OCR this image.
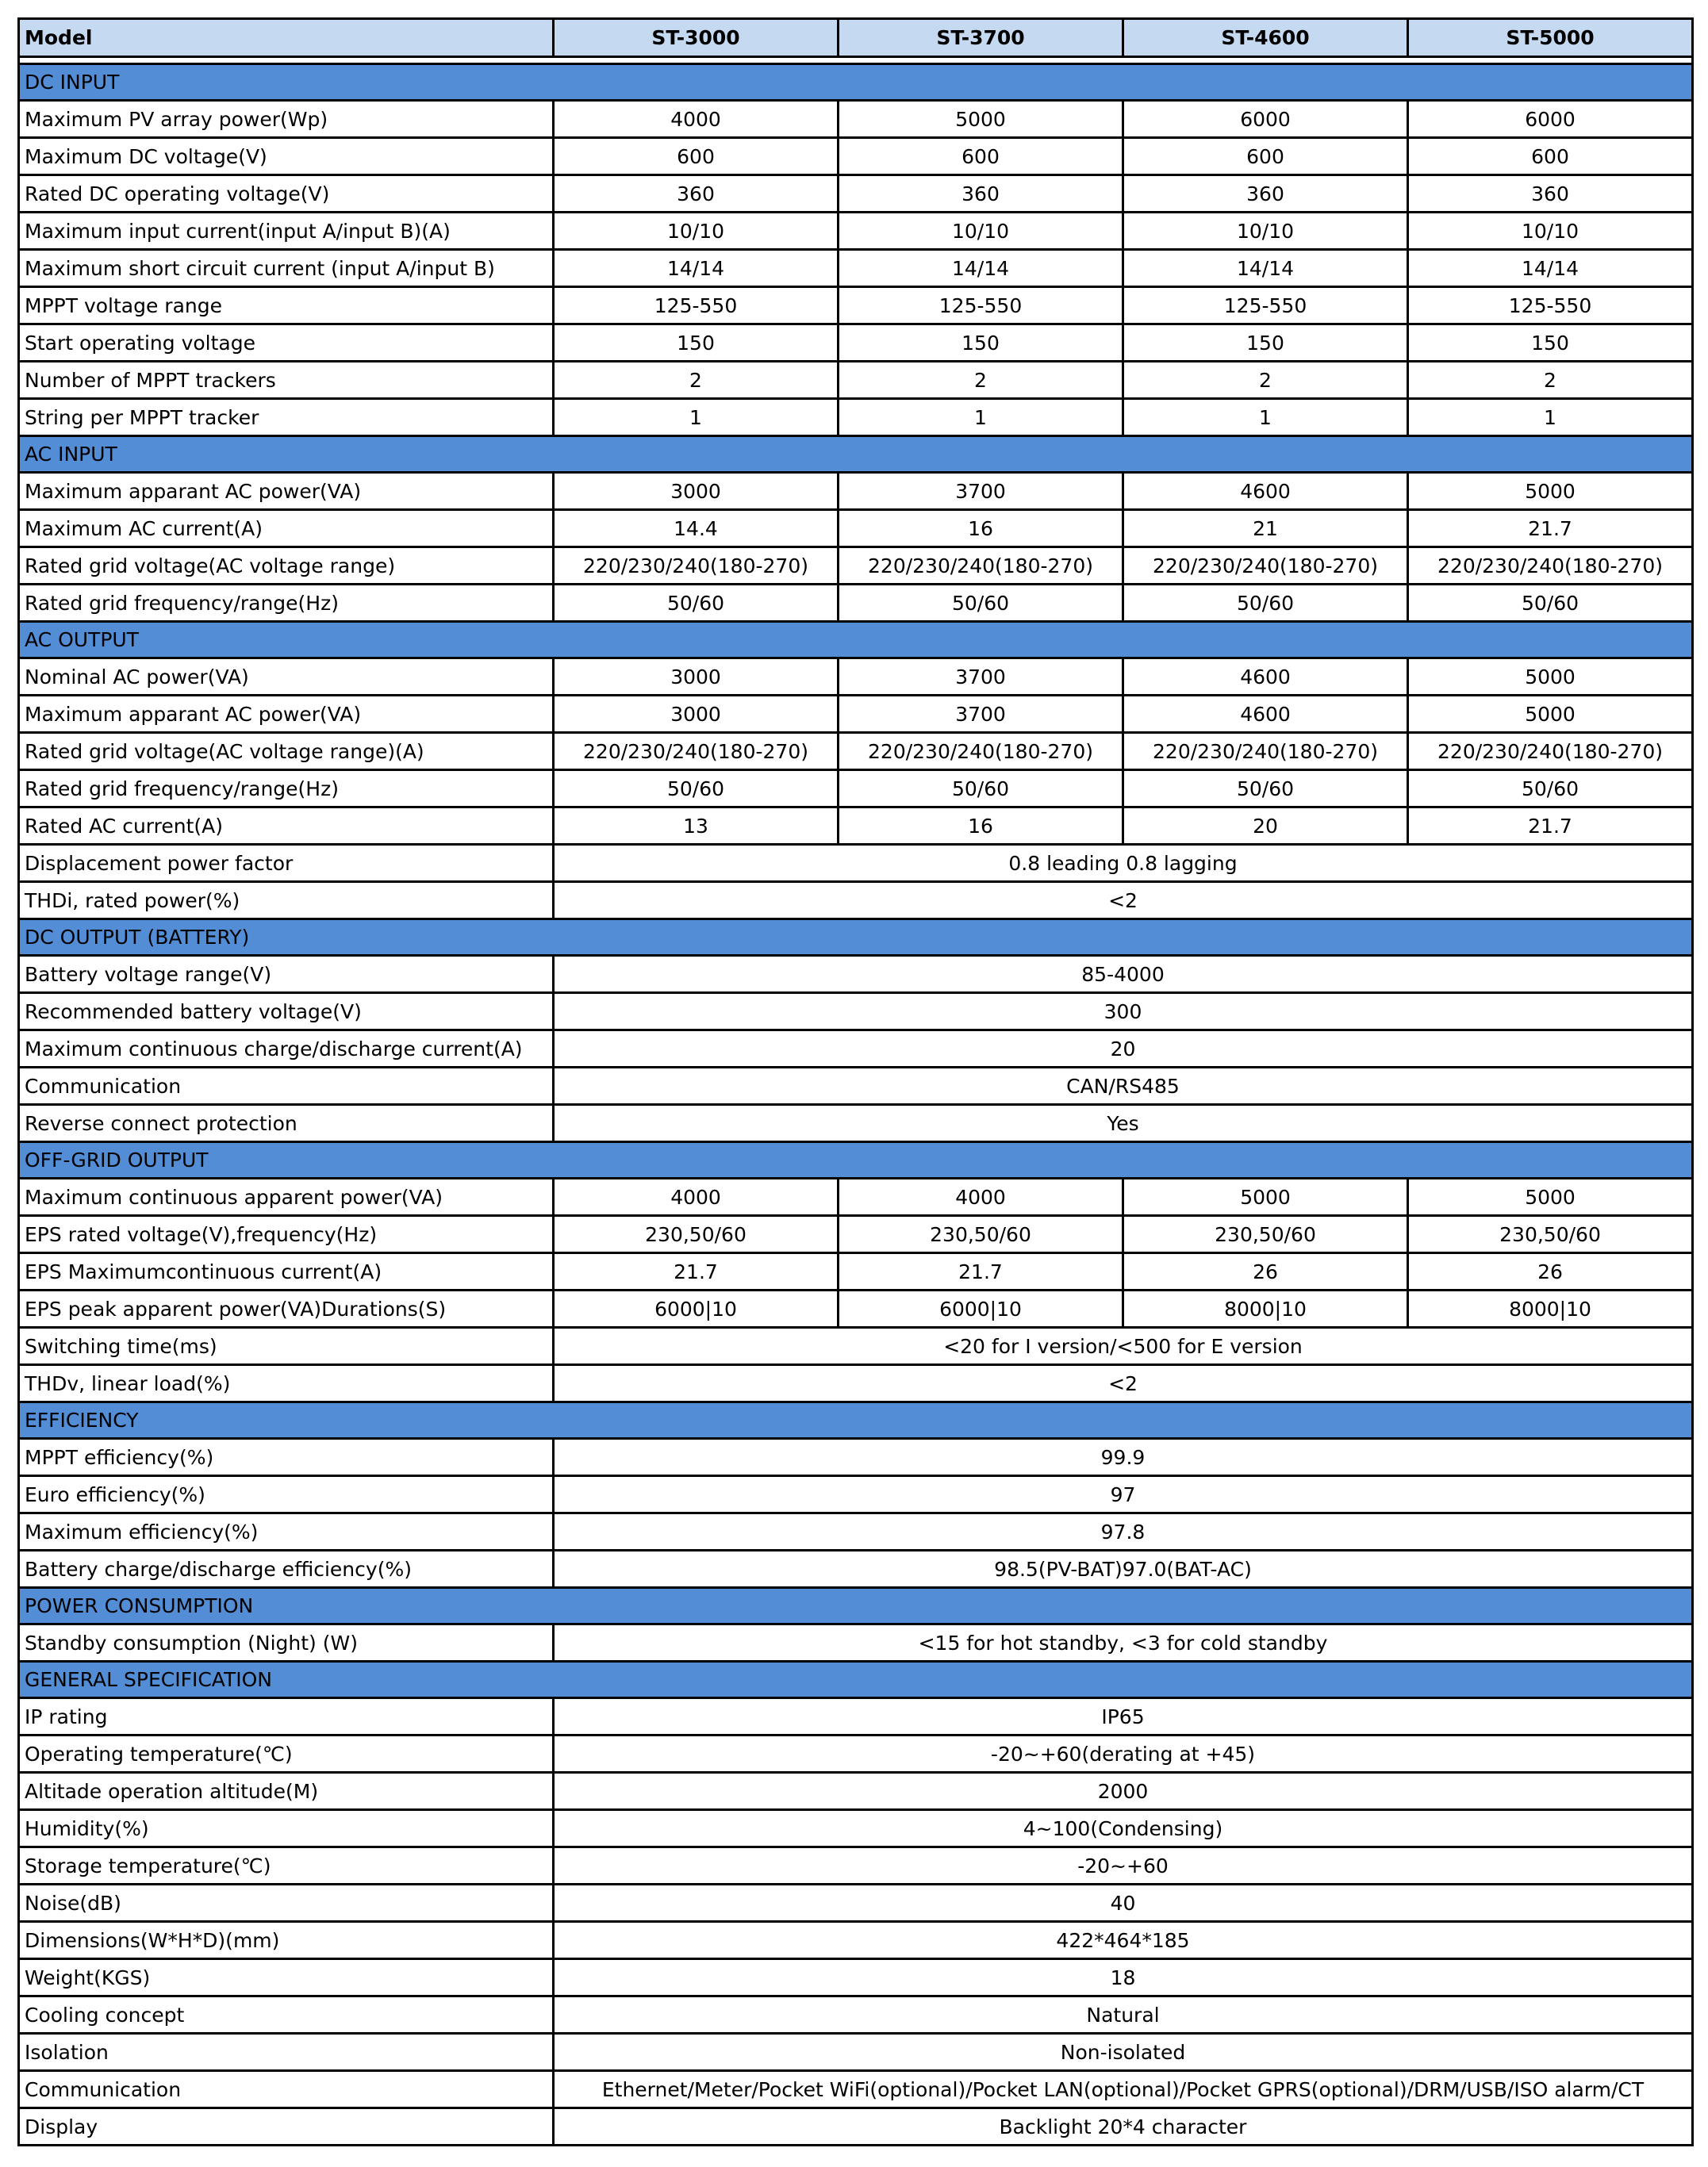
Model	ST-3000	ST-3700	ST-4600	ST-5000

DC INPUT				
Maximum PV array power(Wp)	4000	5000	6000	6000
Maximum DC voltage(V)	600	600	600	600
Rated DC operating voltage(V)	360	360	360	360
Maximum input current(input A/input B)(A)	10/10	10/10	10/10	10/10
Maximum short circuit current (input A/input B)	14/14	14/14	14/14	14/14
MPPT voltage range	125-550	125-550	125-550	125-550
Start operating voltage	150	150	150	150
Number of MPPT trackers	2	2	2	2
String per MPPT tracker	1	1	1	1
AC INPUT				
Maximum apparant AC power(VA)	3000	3700	4600	5000
Maximum AC current(A)	14.4	16	21	21.7
Rated grid voltage(AC voltage range)	220/230/240(180-270)	220/230/240(180-270)	220/230/240(180-270)	220/230/240(180-270)
Rated grid frequency/range(Hz)	50/60	50/60	50/60	50/60
AC OUTPUT				
Nominal AC power(VA)	3000	3700	4600	5000
Maximum apparant AC power(VA)	3000	3700	4600	5000
Rated grid voltage(AC voltage range)(A)	220/230/240(180-270)	220/230/240(180-270)	220/230/240(180-270)	220/230/240(180-270)
Rated grid frequency/range(Hz)	50/60	50/60	50/60	50/60
Rated AC current(A)	13	16	20	21.7
Displacement power factor	0.8 leading 0.8 lagging			
THDi, rated power(%)	<2			
DC OUTPUT (BATTERY)				
Battery voltage range(V)	85-4000			
Recommended battery voltage(V)	300			
Maximum continuous charge/discharge current(A)	20			
Communication	CAN/RS485			
Reverse connect protection	Yes			
OFF-GRID OUTPUT				
Maximum continuous apparent power(VA)	4000	4000	5000	5000
EPS rated voltage(V),frequency(Hz)	230,50/60	230,50/60	230,50/60	230,50/60
EPS Maximumcontinuous current(A)	21.7	21.7	26	26
EPS peak apparent power(VA)Durations(S)	6000|10	6000|10	8000|10	8000|10
Switching time(ms)	<20 for I version/<500 for E version			
THDv, linear load(%)	<2			
EFFICIENCY				
MPPT efficiency(%)	99.9			
Euro efficiency(%)	97			
Maximum efficiency(%)	97.8			
Battery charge/discharge efficiency(%)	98.5(PV-BAT)97.0(BAT-AC)			
POWER CONSUMPTION				
Standby consumption (Night) (W)	<15 for hot standby, <3 for cold standby			
GENERAL SPECIFICATION				
IP rating	IP65			
Operating temperature(℃)	-20~+60(derating at +45)			
Altitade operation altitude(M)	2000			
Humidity(%)	4~100(Condensing)			
Storage temperature(℃)	-20~+60			
Noise(dB)	40			
Dimensions(W*H*D)(mm)	422*464*185			
Weight(KGS)	18			
Cooling concept	Natural			
Isolation	Non-isolated			
Communication	Ethernet/Meter/Pocket WiFi(optional)/Pocket LAN(optional)/Pocket GPRS(optional)/DRM/USB/ISO alarm/CT			
Display	Backlight 20*4 character			
